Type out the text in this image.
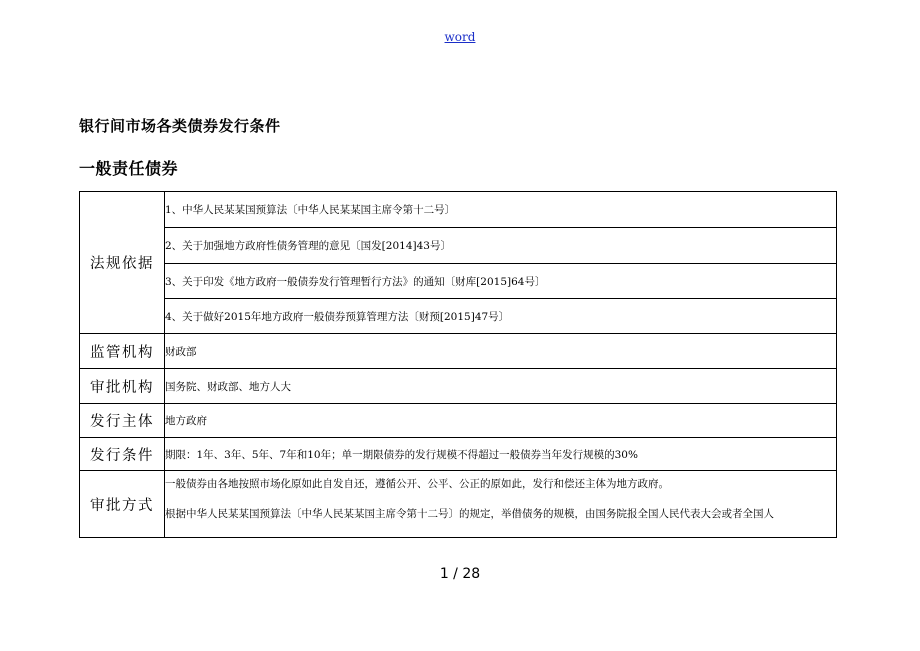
word
银行间市场各类债券发行条件
一般责任债券
法规依据	1、中华人民某某国预算法〔中华人民某某国主席令第十二号〕
	2、关于加强地方政府性债务管理的意见〔国发[2014]43号〕
	3、关于印发《地方政府一般债券发行管理暂行方法》的通知〔财库[2015]64号〕
	4、关于做好2015年地方政府一般债券预算管理方法〔财预[2015]47号〕
监管机构	财政部
审批机构	国务院、财政部、地方人大
发行主体	地方政府
发行条件	期限：1年、3年、5年、7年和10年；单一期限债券的发行规模不得超过一般债券当年发行规模的30%
审批方式	一般债券由各地按照市场化原如此自发自还，遵循公开、公平、公正的原如此，发行和偿还主体为地方政府。
根据中华人民某某国预算法〔中华人民某某国主席令第十二号〕的规定，举借债务的规模，由国务院报全国人民代表大会或者全国人
1 / 28
